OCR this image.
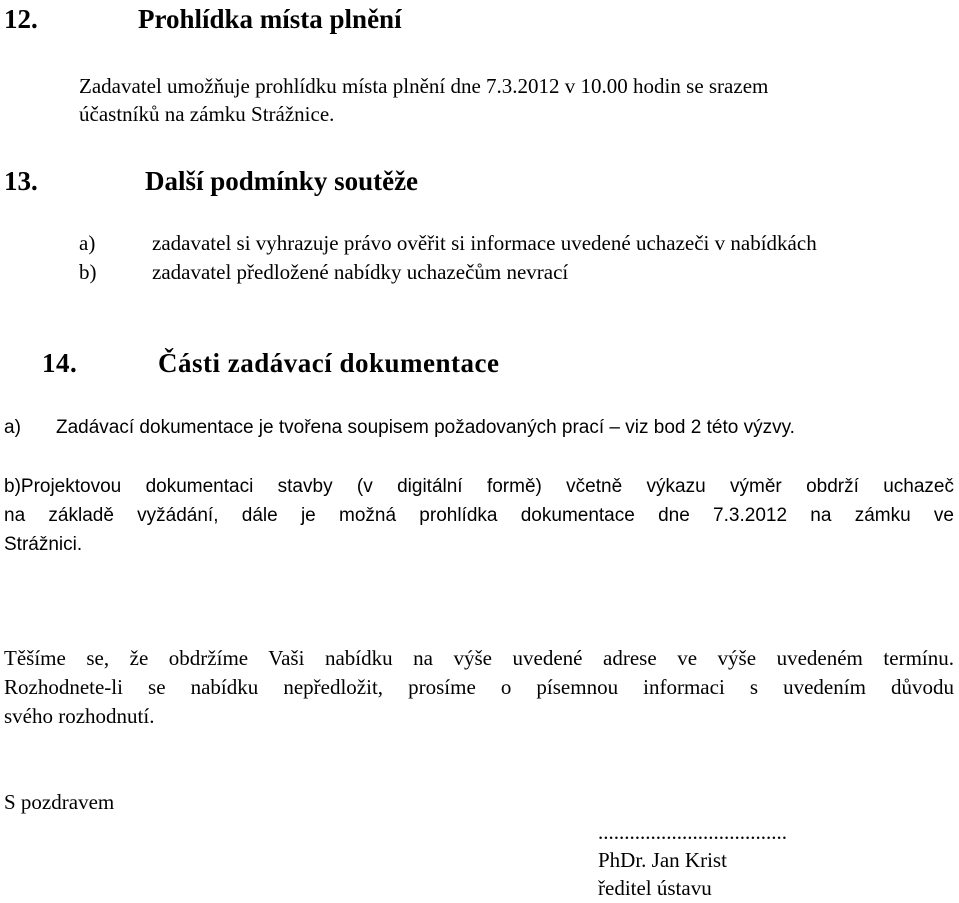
12.	Prohlídka místa plnění
Zadavatel umožňuje prohlídku místa plnění dne 7.3.2012 v 10.00 hodin se srazem
účastníků na zámku Strážnice.
13.	Další podmínky soutěže
a)	zadavatel si vyhrazuje právo ověřit si informace uvedené uchazeči v nabídkách
b)	zadavatel předložené nabídky uchazečům nevrací
14.	Části zadávací dokumentace
a) Zadávací dokumentace je tvořena soupisem požadovaných prací – viz bod 2 této výzvy.
b)Projektovou dokumentaci stavby (v digitální formě) včetně výkazu výměr obdrží uchazeč
na základě vyžádání, dále je možná prohlídka dokumentace dne 7.3.2012 na zámku ve
Strážnici.
Těšíme se, že obdržíme Vaši nabídku na výše uvedené adrese ve výše uvedeném termínu.
Rozhodnete-li se nabídku nepředložit, prosíme o písemnou informaci s uvedením důvodu
svého rozhodnutí.
S pozdravem
....................................
PhDr. Jan Krist
ředitel ústavu
